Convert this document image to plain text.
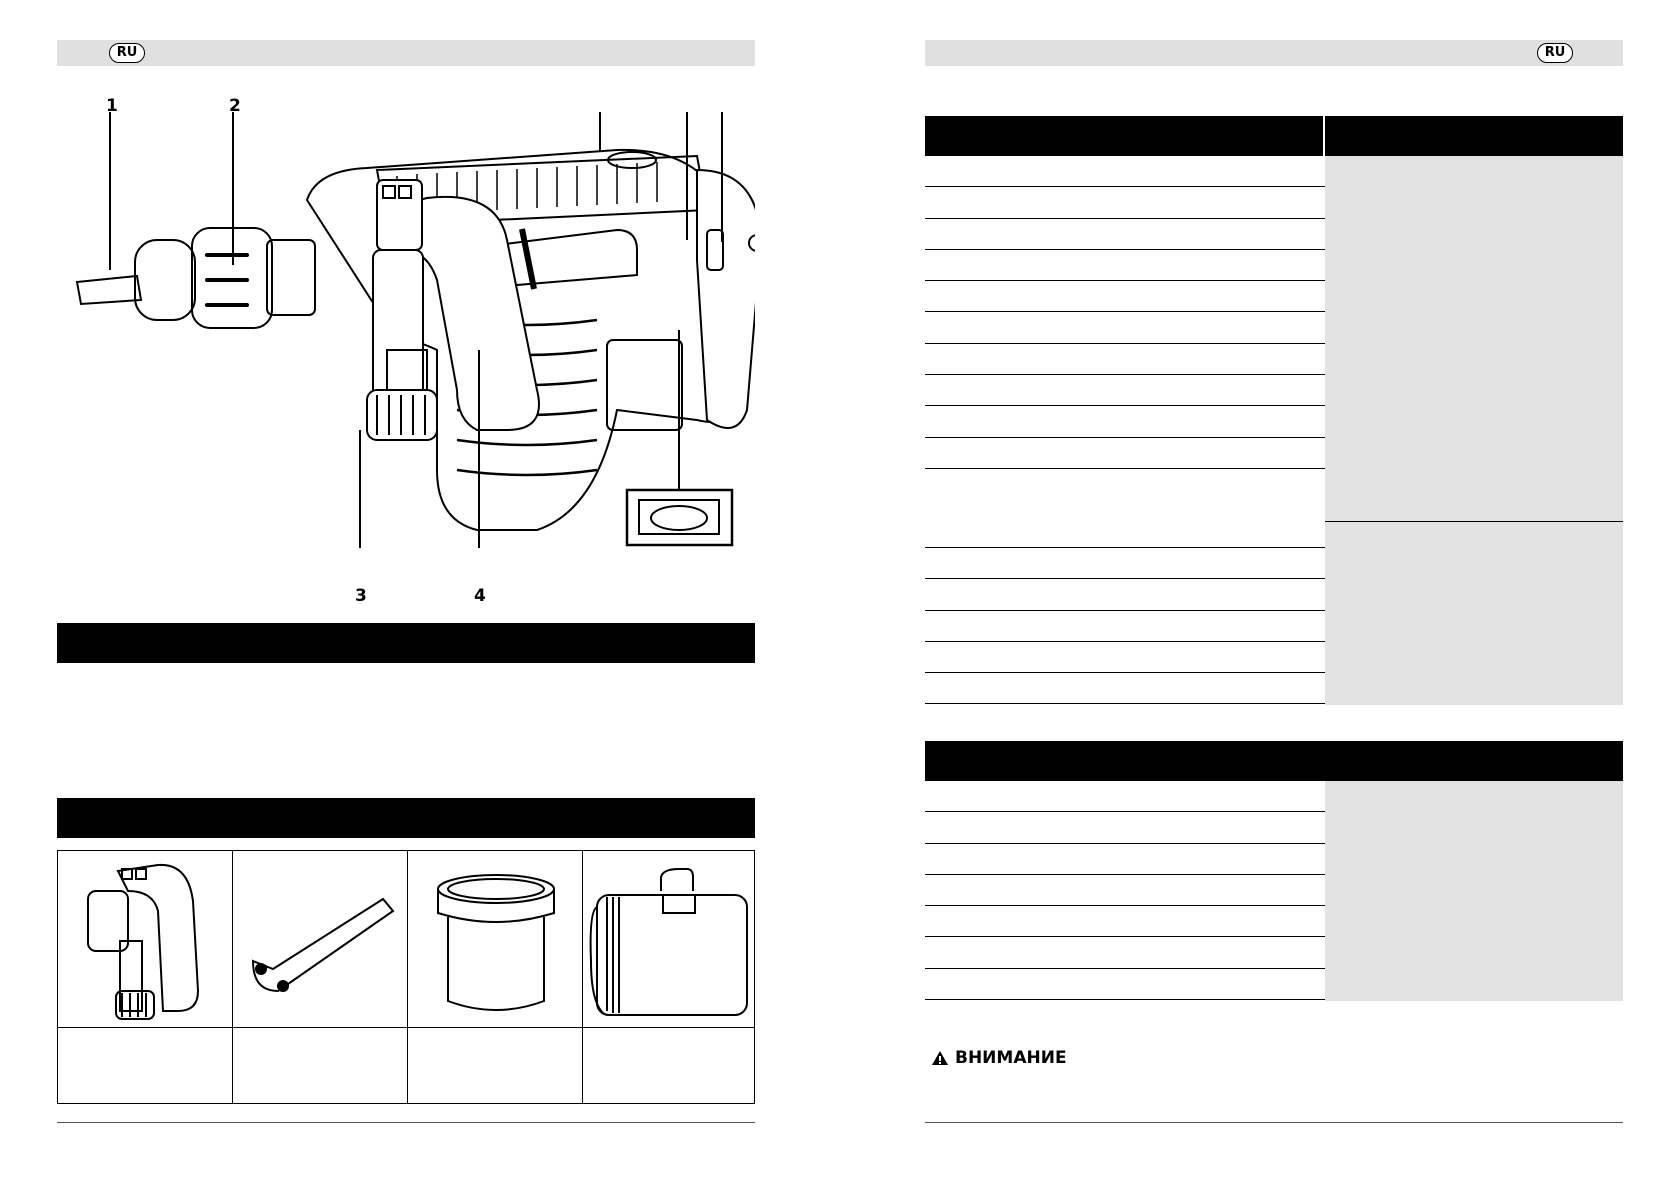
RU
1	2
3	4
RU
ВНИМАНИЕ
